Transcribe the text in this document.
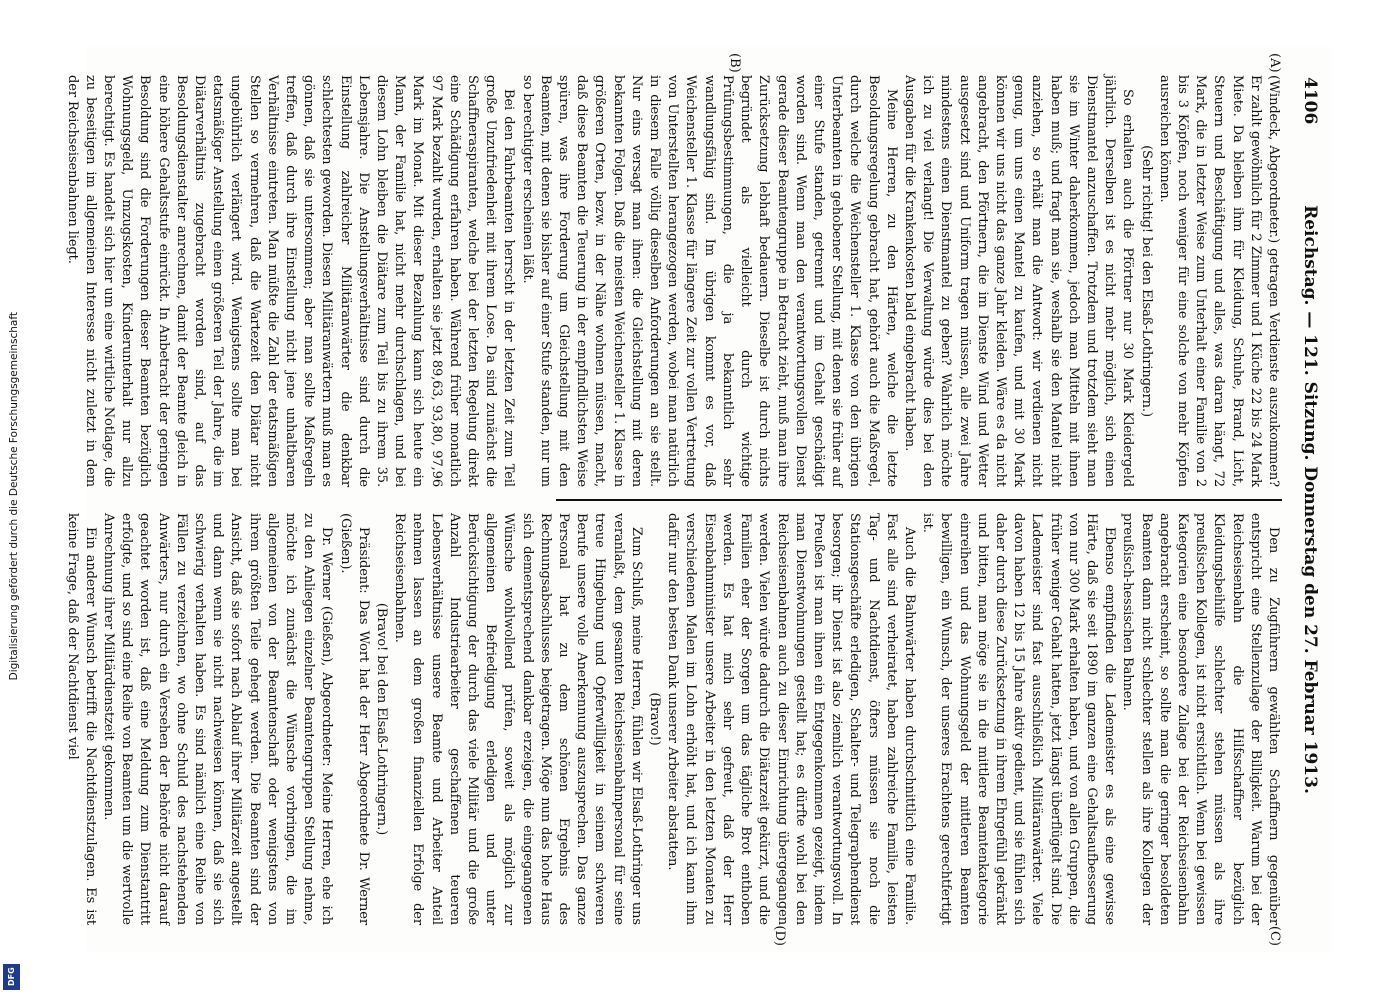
4106
Reichstag. — 121. Sitzung. Donnerstag den 27. Februar 1913.
(A)
(B)
(C)
(D)

(Windeck, Abgeordneter.) getragen Verdienste auszukommen? Er zahlt gewöhnlich für 2 Zimmer und 1 Küche 22 bis 24 Mark Miete. Da bleiben ihm für Kleidung, Schuhe, Brand, Licht, Steuern und Beschäftigung und alles, was daran hängt, 72 Mark, die in letzter Weise zum Unterhalt einer Familie von 2 bis 3 Köpfen, noch weniger für eine solche von mehr Köpfen ausreichen können.

(Sehr richtig! bei den Elsaß-Lothringern.)

So erhalten auch die Pförtner nur 30 Mark Kleidergeld jährlich. Derselben ist es nicht mehr möglich, sich einen Dienstmantel anzuschaffen. Trotzdem und trotzdem sieht man sie im Winter daherkommen, jedoch man Mitteln mit ihnen haben muß; und fragt man sie, weshalb sie den Mantel nicht anziehen, so erhält man die Antwort: wir verdienen nicht genug, um uns einen Mantel zu kaufen, und mit 30 Mark können wir uns nicht das ganze Jahr kleiden. Wäre es da nicht angebracht, den Pförtnern, die im Dienste Wind und Wetter ausgesetzt sind und Uniform tragen müssen, alle zwei Jahre mindestens einen Dienstmantel zu geben? Wahrlich möchte ich zu viel verlangt! Die Verwaltung würde dies bei den Ausgaben für die Krankenkosten bald eingebracht haben.

Meine Herren, zu den Härten, welche die letzte Besoldungsregelung gebracht hat, gehört auch die Maßregel, durch welche die Weichensteller 1. Klasse von den übrigen Unterbeamten in gehobener Stellung, mit denen sie früher auf einer Stufe standen, getrennt und im Gehalt geschädigt worden sind. Wenn man den verantwortungsvollen Dienst gerade dieser Beamtengruppe in Betracht zieht, muß man ihre Zurücksetzung lebhaft bedauern. Dieselbe ist durch nichts begründet als vielleicht durch wichtige Prüfungsbestimmungen, die ja bekanntlich sehr wandlungsfähig sind. Im übrigen kommt es vor, daß Weichensteller 1. Klasse für längere Zeit zur vollen Vertretung von Unterstellten herangezogen werden, wobei man natürlich in diesem Falle völlig dieselben Anforderungen an sie stellt. Nur eins versagt man ihnen: die Gleichstellung mit deren bekannten Folgen. Daß die meisten Weichensteller 1. Klasse in größeren Orten, bezw. in der Nähe wohnen müssen, macht, daß diese Beamten die Teuerung in der empfindlichsten Weise spüren, was ihre Forderung um Gleichstellung mit den Beamten, mit denen sie bisher auf einer Stufe standen, nur um so berechtigter erscheinen läßt.

Bei den Fahrbeamten herrscht in der letzten Zeit zum Teil große Unzufriedenheit mit ihrem Lose. Da sind zunächst die Schaffneraspiranten, welche bei der letzten Regelung direkt eine Schädigung erfahren haben. Während früher monatlich 97 Mark bezahlt wurden, erhalten sie jetzt 89,63, 93,80, 97,96 Mark im Monat. Mit dieser Bezahlung kann sich heute ein Mann, der Familie hat, nicht mehr durchschlagen, und bei diesem Lohn bleiben die Diätare zum Teil bis zu ihrem 35. Lebensjahre. Die Anstellungsverhältnisse sind durch die Einstellung zahlreicher Militäranwärter die denkbar schlechtesten geworden. Diesen Militäranwärtern muß man es gönnen, daß sie untersommen; aber man sollte Maßregeln treffen, daß durch ihre Einstellung nicht jene unhaltbaren Verhältnisse eintreten. Man müßte die Zahl der etatsmäßigen Stellen so vermehren, daß die Wartezeit den Diätar nicht ungebührlich verlängert wird. Wenigstens sollte man bei etatsmäßiger Anstellung einen größeren Teil der Jahre, die im Diätarverhältnis zugebracht worden sind, auf das Besoldungsdienstalter anrechnen, damit der Beamte gleich in eine höhere Gehaltsstufe einrückt. In Anbetracht der geringen Besoldung sind die Forderungen dieser Beamten bezüglich Wohnungsgeld, Umzugskosten, Kinderunterhalt nur allzu berechtigt. Es handelt sich hier um eine wirtliche Notlage, die zu beseitigen im allgemeinen Interesse nicht zuletzt in dem der Reichseisenbahnen liegt.

Den zu Zugführern gewählten Schaffnern gegenüber entspricht eine Stellenzulage der Billigkeit. Warum bei der Reichseisenbahn die Hilfsschaffner bezüglich Kleidungsbeihilfe schlechter stehen müssen als ihre preußischen Kollegen, ist nicht ersichtlich. Wenn bei gewissen Kategorien eine besondere Zulage bei der Reichseisenbahn angebracht erscheint, so sollte man die geringer besoldeten Beamten dann nicht schlechter stellen als ihre Kollegen der preußisch-hessischen Bahnen.

Ebenso empfinden die Lademeister es als eine gewisse Härte, daß sie seit 1890 im ganzen eine Gehaltsaufbesserung von nur 300 Mark erhalten haben, und von allen Gruppen, die früher weniger Gehalt hatten, jetzt längst überflügelt sind. Die Lademeister sind fast ausschließlich Militäranwärter. Viele davon haben 12 bis 15 Jahre aktiv gedient, und sie fühlen sich daher durch diese Zurücksetzung in ihrem Ehrgefühl gekränkt und bitten, man möge sie in die mittlere Beamtenkategorie einreihen und das Wohnungsgeld der mittleren Beamten bewilligen, ein Wunsch, der unseres Erachtens gerechtfertigt ist.

Auch die Bahnwärter haben durchschnittlich eine Familie. Fast alle sind verheiratet, haben zahlreiche Familie, leisten Tag- und Nachtdienst, öfters müssen sie noch die Stationsgeschäfte erledigen, Schalter- und Telegraphendienst besorgen; ihr Dienst ist also ziemlich verantwortungsvoll. In Preußen ist man ihnen ein Entgegenkommen gezeigt, indem man Dienstwohnungen gestellt hat; es dürfte wohl bei den Reichseisenbahnen auch zu dieser Einrichtung übergegangen werden. Vielen würde dadurch die Diätarzeit gekürzt, und die Familien eher der Sorgen um das tägliche Brot enthoben werden. Es hat mich sehr gefreut, daß der Herr Eisenbahnminister unsere Arbeiter in den letzten Monaten zu verschiedenen Malen im Lohn erhöht hat, und ich kann ihm dafür nur den besten Dank unserer Arbeiter abstatten.

(Bravo!)

Zum Schluß, meine Herren, fühlen wir Elsaß-Lothringer uns veranlaßt, dem gesamten Reichseisenbahnpersonal für seine treue Hingebung und Opferwilligkeit in seinem schweren Berufe unsere volle Anerkennung auszusprechen. Das ganze Personal hat zu dem schönen Ergebnis des Rechnungsabschlusses beigetragen. Möge nun das hohe Haus sich dementsprechend dankbar erzeigen, die eingegangenen Wünsche wohlwollend prüfen, soweit als möglich zur allgemeinen Befriedigung erledigen und unter Berücksichtigung der durch das viele Militär und die große Anzahl Industriearbeiter geschaffenen teueren Lebensverhältnisse unsere Beamte und Arbeiter Anteil nehmen lassen an dem großen finanziellen Erfolge der Reichseisenbahnen.

(Bravo! bei den Elsaß-Lothringern.)

Präsident: Das Wort hat der Herr Abgeordnete Dr. Werner (Gießen).

Dr. Werner (Gießen), Abgeordneter: Meine Herren, ehe ich zu den Anliegen einzelner Beamtengruppen Stellung nehme, möchte ich zunächst die Wünsche vorbringen, die im allgemeinen von der Beamtenschaft oder wenigstens von ihrem größten Teile gehegt werden. Die Beamten sind der Ansicht, daß sie sofort nach Ablauf ihrer Militärzeit angestellt und dann wenn sie nicht nachweisen können, daß sie sich schwierig verhalten haben. Es sind nämlich eine Reihe von Fällen zu verzeichnen, wo ohne Schuld des nachstehenden Anwärters, nur durch ein Versehen der Behörde nicht darauf geachtet worden ist, daß eine Meldung zum Dienstantritt erfolgte, und so sind eine Reihe von Beamten um die wertvolle Anrechnung ihrer Militärdienstzeit gekommen.

Ein anderer Wunsch betrifft die Nachtdienstzulagen. Es ist keine Frage, daß der Nachtdienst viel

Digitalisierung gefördert durch die Deutsche Forschungsgemeinschaft
DFG
